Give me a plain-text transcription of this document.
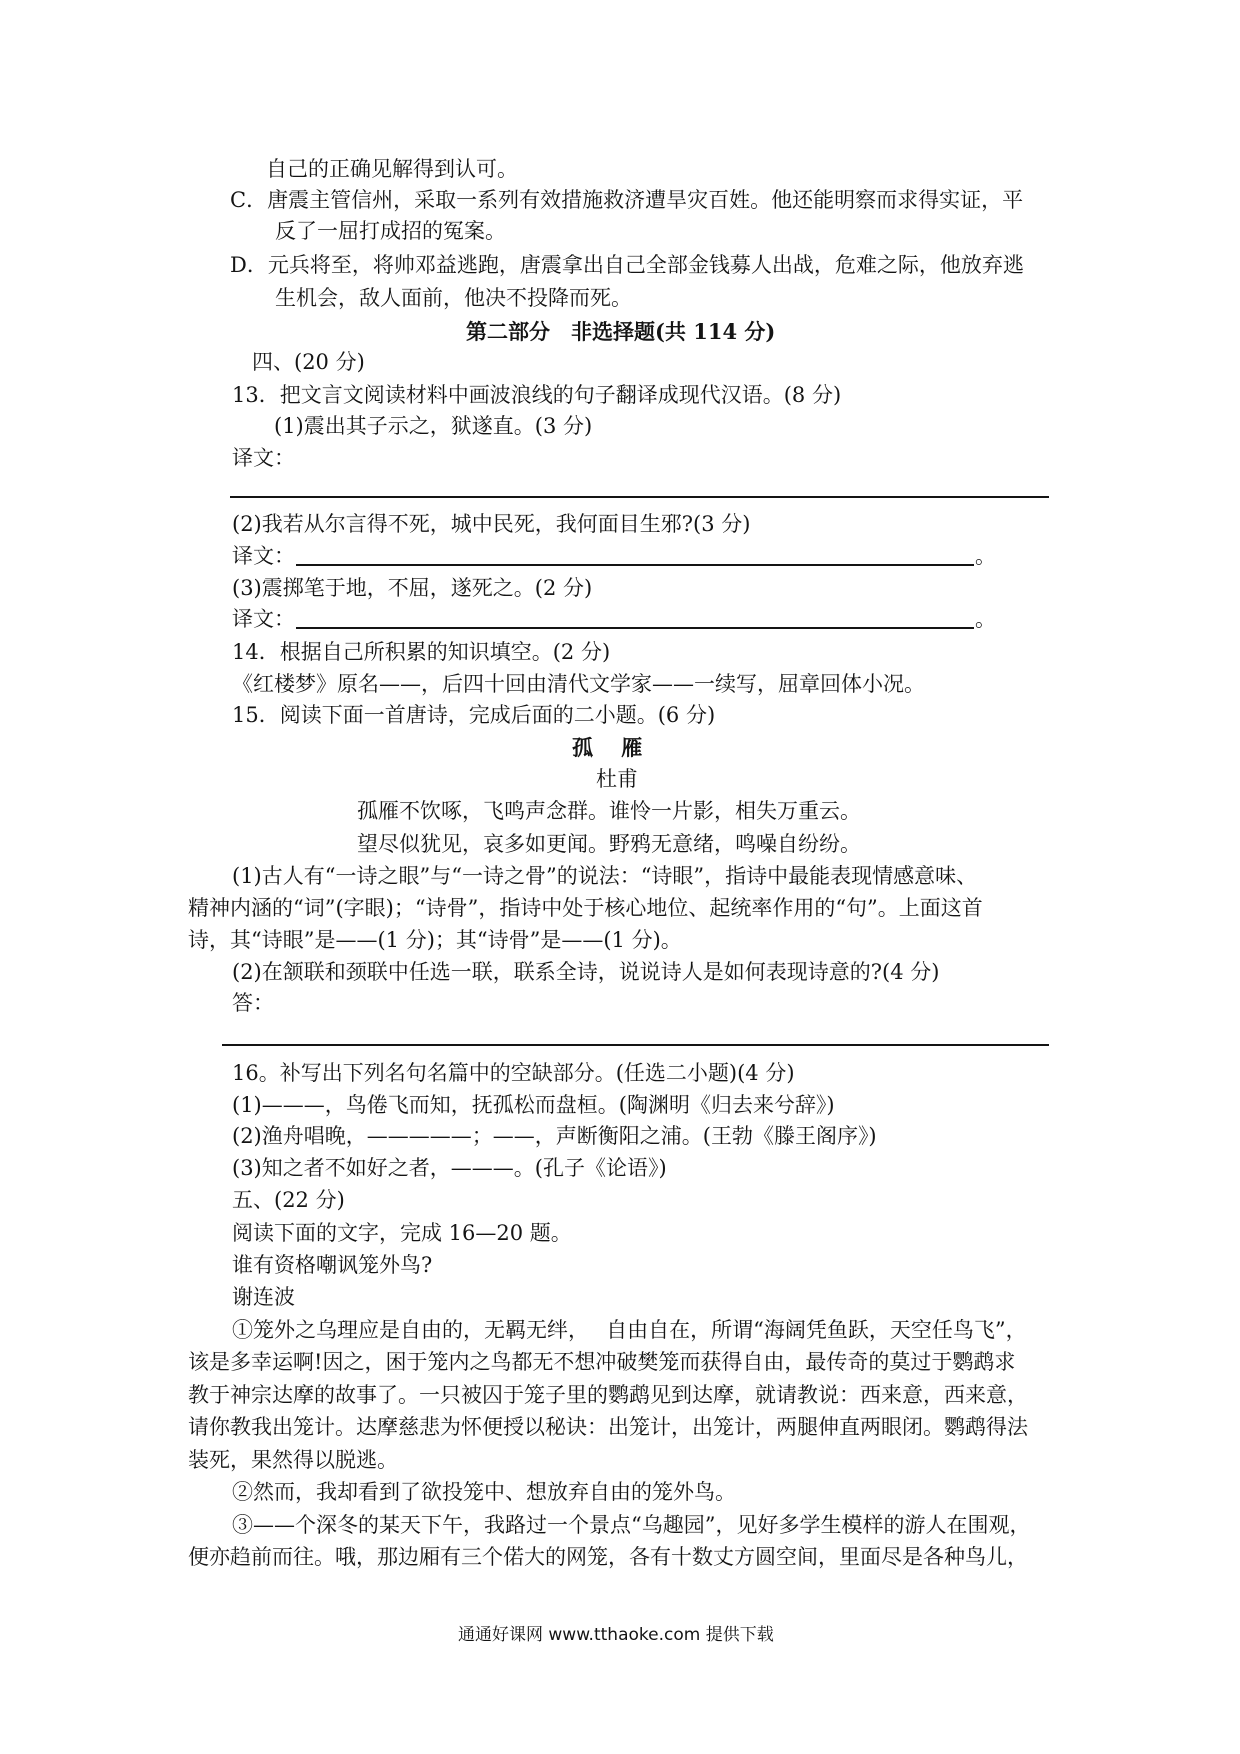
自己的正确见解得到认可。
C．唐震主管信州，采取一系列有效措施救济遭旱灾百姓。他还能明察而求得实证，平
反了一屈打成招的冤案。
D．元兵将至，将帅邓益逃跑，唐震拿出自己全部金钱募人出战，危难之际，他放弃逃
生机会，敌人面前，他决不投降而死。
第二部分　非选择题(共 114 分)
四、(20 分)
13．把文言文阅读材料中画波浪线的句子翻译成现代汉语。(8 分)
(1)震出其子示之，狱遂直。(3 分)
译文：
(2)我若从尔言得不死，城中民死，我何面目生邪?(3 分)
译文：	。
(3)震掷笔于地，不屈，遂死之。(2 分)
译文：	。
14．根据自己所积累的知识填空。(2 分)
《红楼梦》原名——，后四十回由清代文学家——一续写，屈章回体小况。
15．阅读下面一首唐诗，完成后面的二小题。(6 分)
孤　 雁
杜甫
孤雁不饮啄，飞鸣声念群。谁怜一片影，相失万重云。
望尽似犹见，哀多如更闻。野鸦无意绪，鸣噪自纷纷。
(1)古人有“一诗之眼”与“一诗之骨”的说法：“诗眼”，指诗中最能表现情感意味、
精神内涵的“词”(字眼)；“诗骨”，指诗中处于核心地位、起统率作用的“句”。上面这首
诗，其“诗眼”是——(1 分)；其“诗骨”是——(1 分)。
(2)在颔联和颈联中任选一联，联系全诗，说说诗人是如何表现诗意的?(4 分)
答：
16。补写出下列名句名篇中的空缺部分。(任选二小题)(4 分)
(1)———，鸟倦飞而知，抚孤松而盘桓。(陶渊明《归去来兮辞》)
(2)渔舟唱晚，—————；——，声断衡阳之浦。(王勃《滕王阁序》)
(3)知之者不如好之者，———。(孔子《论语》)
五、(22 分)
阅读下面的文字，完成 16—20 题。
谁有资格嘲讽笼外鸟?
谢连波
①笼外之乌理应是自由的，无羁无绊，　 自由自在，所谓“海阔凭鱼跃，天空任鸟飞”，
该是多幸运啊!因之，困于笼内之鸟都无不想冲破樊笼而获得自由，最传奇的莫过于鹦鹉求
教于神宗达摩的故事了。一只被囚于笼子里的鹦鹉见到达摩，就请教说：西来意，西来意，
请你教我出笼计。达摩慈悲为怀便授以秘诀：出笼计，出笼计，两腿伸直两眼闭。鹦鹉得法
装死，果然得以脱逃。
②然而，我却看到了欲投笼中、想放弃自由的笼外鸟。
③——个深冬的某天下午，我路过一个景点“乌趣园”，见好多学生模样的游人在围观，
便亦趋前而往。哦，那边厢有三个偌大的网笼，各有十数丈方圆空间，里面尽是各种鸟儿，
通通好课网 www.tthaoke.com 提供下载
